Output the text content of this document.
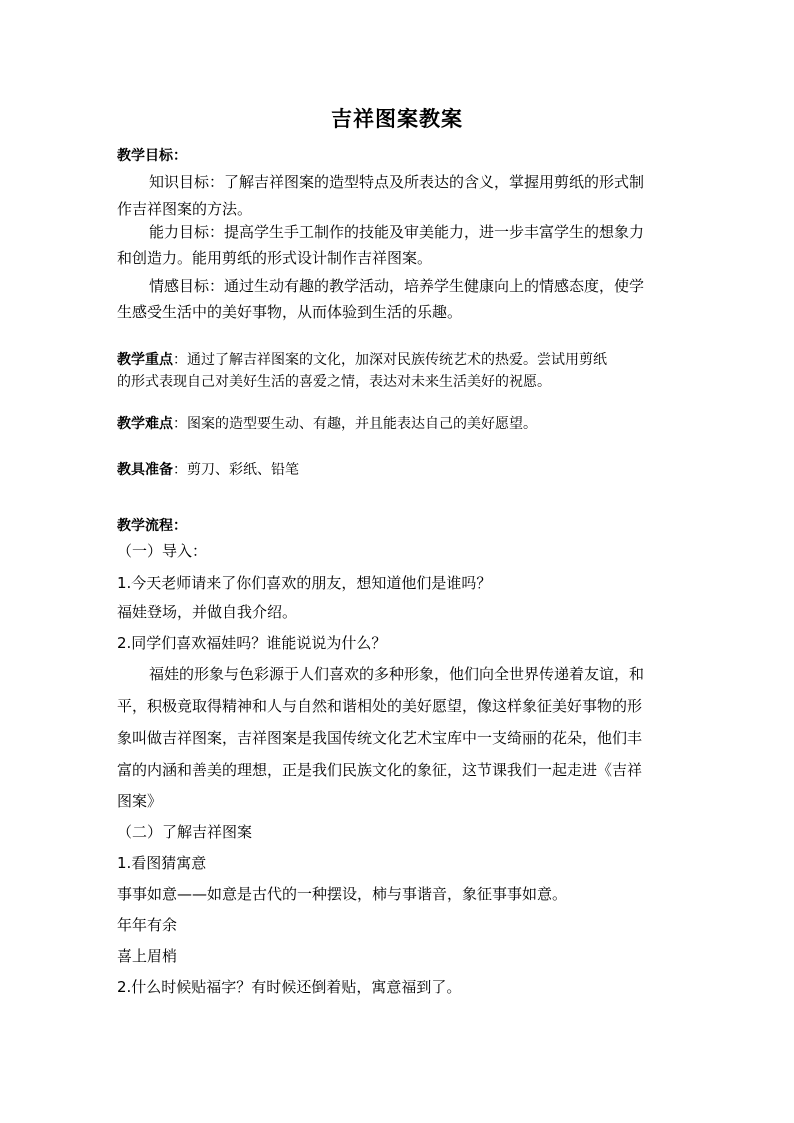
吉祥图案教案
教学目标：
知识目标：了解吉祥图案的造型特点及所表达的含义，掌握用剪纸的形式制
作吉祥图案的方法。
能力目标：提高学生手工制作的技能及审美能力，进一步丰富学生的想象力
和创造力。能用剪纸的形式设计制作吉祥图案。
情感目标：通过生动有趣的教学活动，培养学生健康向上的情感态度，使学
生感受生活中的美好事物，从而体验到生活的乐趣。
教学重点：通过了解吉祥图案的文化，加深对民族传统艺术的热爱。尝试用剪纸
的形式表现自己对美好生活的喜爱之情，表达对未来生活美好的祝愿。
教学难点：图案的造型要生动、有趣，并且能表达自己的美好愿望。
教具准备：剪刀、彩纸、铅笔
教学流程：
（一）导入：
1.今天老师请来了你们喜欢的朋友，想知道他们是谁吗？
福娃登场，并做自我介绍。
2.同学们喜欢福娃吗？谁能说说为什么？
福娃的形象与色彩源于人们喜欢的多种形象，他们向全世界传递着友谊，和
平，积极竟取得精神和人与自然和谐相处的美好愿望，像这样象征美好事物的形
象叫做吉祥图案，吉祥图案是我国传统文化艺术宝库中一支绮丽的花朵，他们丰
富的内涵和善美的理想，正是我们民族文化的象征，这节课我们一起走进《吉祥
图案》
（二）了解吉祥图案
1.看图猜寓意
事事如意——如意是古代的一种摆设，柿与事谐音，象征事事如意。
年年有余
喜上眉梢
2.什么时候贴福字？有时候还倒着贴，寓意福到了。
